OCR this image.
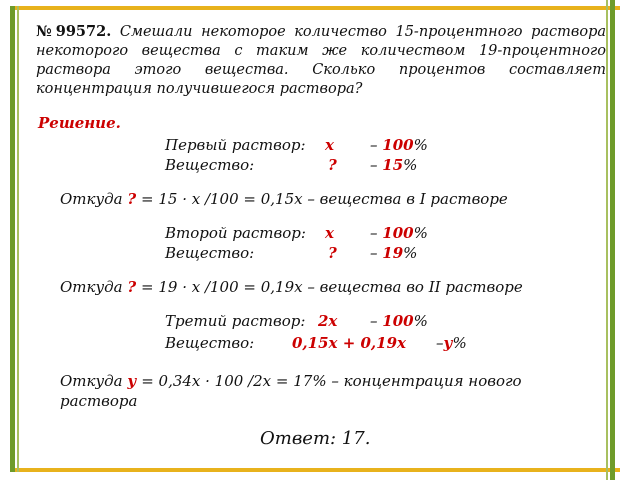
№99572. Смешали некоторое количество 15-процентного раствора некоторого вещества с таким же количеством 19-процентного раствора этого вещества. Сколько процентов составляет концентрация получившегося раствора?
Решение.
Первый раствор: x – 100%
Вещество:	? – 15%
Откуда ? = 15 · х /100 = 0,15х – вещества в I растворе
Второй раствор: x – 100%
Вещество:	? – 19%
Откуда ? = 19 · х /100 = 0,19х – вещества во II растворе
Третий раствор: 2х – 100%
Вещество:	0,15х + 0,19х –у%
Откуда у = 0,34х · 100 /2х = 17% – концентрация нового
раствора
Ответ: 17.
